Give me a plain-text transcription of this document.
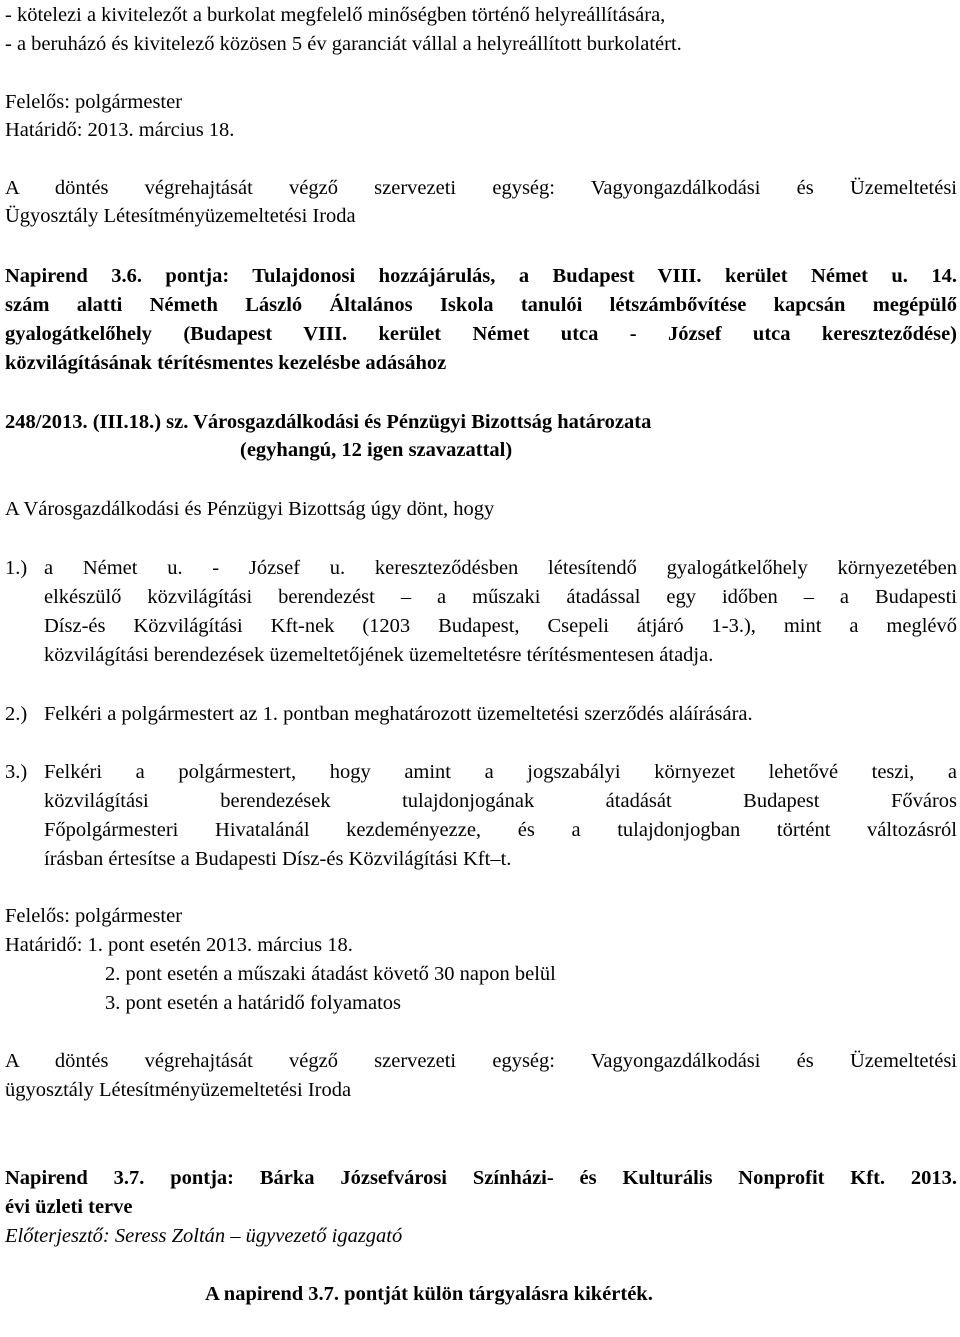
- kötelezi a kivitelezőt a burkolat megfelelő minőségben történő helyreállítására,
- a beruházó és kivitelező közösen 5 év garanciát vállal a helyreállított burkolatért.
Felelős: polgármester
Határidő: 2013. március 18.
A döntés végrehajtását végző szervezeti egység: Vagyongazdálkodási és Üzemeltetési
Ügyosztály Létesítményüzemeltetési Iroda
Napirend 3.6. pontja: Tulajdonosi hozzájárulás, a Budapest VIII. kerület Német u. 14.
szám alatti Németh László Általános Iskola tanulói létszámbővítése kapcsán megépülő
gyalogátkelőhely (Budapest VIII. kerület Német utca - József utca kereszteződése)
közvilágításának térítésmentes kezelésbe adásához
248/2013. (III.18.) sz. Városgazdálkodási és Pénzügyi Bizottság határozata
(egyhangú, 12 igen szavazattal)
A Városgazdálkodási és Pénzügyi Bizottság úgy dönt, hogy
1.) a Német u. - József u. kereszteződésben létesítendő gyalogátkelőhely környezetében
elkészülő közvilágítási berendezést – a műszaki átadással egy időben – a Budapesti
Dísz-és Közvilágítási Kft-nek (1203 Budapest, Csepeli átjáró 1-3.), mint a meglévő
közvilágítási berendezések üzemeltetőjének üzemeltetésre térítésmentesen átadja.
2.) Felkéri a polgármestert az 1. pontban meghatározott üzemeltetési szerződés aláírására.
3.) Felkéri a polgármestert, hogy amint a jogszabályi környezet lehetővé teszi, a
közvilágítási berendezések tulajdonjogának átadását Budapest Főváros
Főpolgármesteri Hivatalánál kezdeményezze, és a tulajdonjogban történt változásról
írásban értesítse a Budapesti Dísz-és Közvilágítási Kft–t.
Felelős: polgármester
Határidő: 1. pont esetén 2013. március 18.
2. pont esetén a műszaki átadást követő 30 napon belül
3. pont esetén a határidő folyamatos
A döntés végrehajtását végző szervezeti egység: Vagyongazdálkodási és Üzemeltetési
ügyosztály Létesítményüzemeltetési Iroda
Napirend 3.7. pontja: Bárka Józsefvárosi Színházi- és Kulturális Nonprofit Kft. 2013.
évi üzleti terve
Előterjesztő: Seress Zoltán – ügyvezető igazgató
A napirend 3.7. pontját külön tárgyalásra kikérték.
